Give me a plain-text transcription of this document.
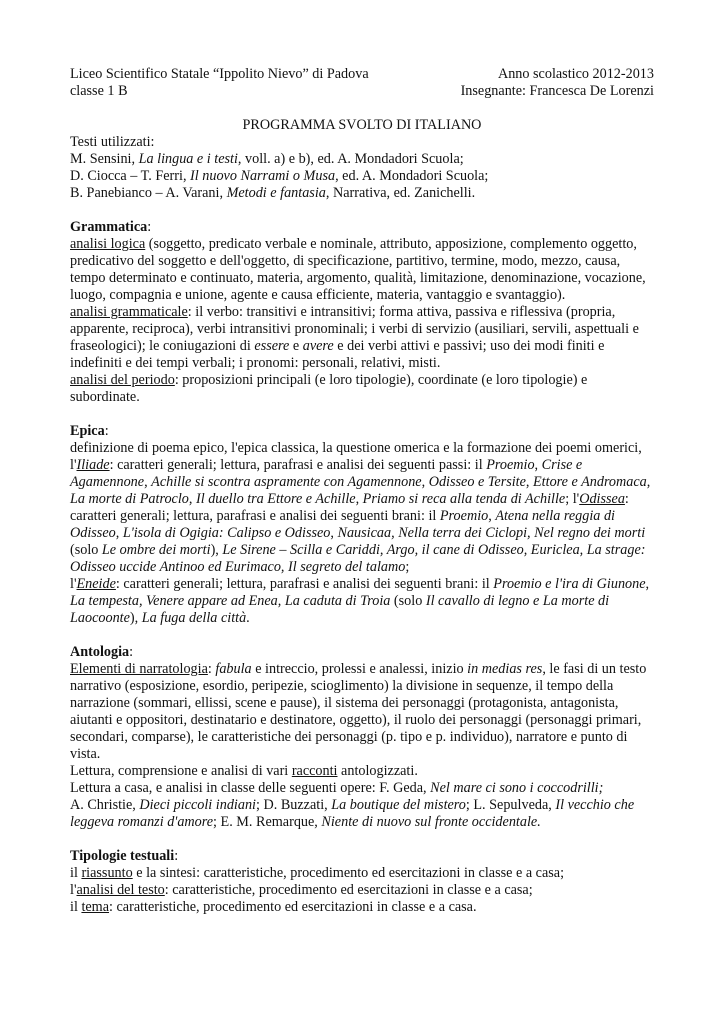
Liceo Scientifico Statale “Ippolito Nievo” di Padova	Anno scolastico 2012-2013
classe 1 B	Insegnante: Francesca De Lorenzi
PROGRAMMA SVOLTO DI ITALIANO

Testi utilizzati:

M. Sensini, La lingua e i testi, voll. a) e b), ed. A. Mondadori Scuola;

D. Ciocca – T. Ferri, Il nuovo Narrami o Musa, ed. A. Mondadori Scuola;

B. Panebianco – A. Varani, Metodi e fantasia, Narrativa, ed. Zanichelli.

Grammatica:

analisi logica (soggetto, predicato verbale e nominale, attributo, apposizione, complemento oggetto, predicativo del soggetto e dell'oggetto, di specificazione, partitivo, termine, modo, mezzo, causa, tempo determinato e continuato, materia, argomento, qualità, limitazione, denominazione, vocazione, luogo, compagnia e unione, agente e causa efficiente, materia, vantaggio e svantaggio).

analisi grammaticale: il verbo: transitivi e intransitivi; forma attiva, passiva e riflessiva (propria, apparente, reciproca), verbi intransitivi pronominali; i verbi di servizio (ausiliari, servili, aspettuali e fraseologici); le coniugazioni di essere e avere e dei verbi attivi e passivi; uso dei modi finiti e indefiniti e dei tempi verbali; i pronomi: personali, relativi, misti.

analisi del periodo: proposizioni principali (e loro tipologie), coordinate (e loro tipologie) e subordinate.

Epica:

definizione di poema epico, l'epica classica, la questione omerica e la formazione dei poemi omerici, l'Iliade: caratteri generali; lettura, parafrasi e analisi dei seguenti passi: il Proemio, Crise e Agamennone, Achille si scontra aspramente con Agamennone, Odisseo e Tersite, Ettore e Andromaca, La morte di Patroclo, Il duello tra Ettore e Achille, Priamo si reca alla tenda di Achille; l'Odissea: caratteri generali; lettura, parafrasi e analisi dei seguenti brani: il Proemio, Atena nella reggia di Odisseo, L'isola di Ogigia: Calipso e Odisseo, Nausicaa, Nella terra dei Ciclopi, Nel regno dei morti (solo Le ombre dei morti), Le Sirene – Scilla e Cariddi, Argo, il cane di Odisseo, Euriclea, La strage: Odisseo uccide Antinoo ed Eurimaco, Il segreto del talamo;
l'Eneide: caratteri generali; lettura, parafrasi e analisi dei seguenti brani: il Proemio e l'ira di Giunone, La tempesta, Venere appare ad Enea, La caduta di Troia (solo Il cavallo di legno e La morte di Laocoonte), La fuga della città.

Antologia:

Elementi di narratologia: fabula e intreccio, prolessi e analessi, inizio in medias res, le fasi di un testo narrativo (esposizione, esordio, peripezie, scioglimento) la divisione in sequenze, il tempo della narrazione (sommari, ellissi, scene e pause), il sistema dei personaggi (protagonista, antagonista, aiutanti e oppositori, destinatario e destinatore, oggetto), il ruolo dei personaggi (personaggi primari, secondari, comparse), le caratteristiche dei personaggi (p. tipo e p. individuo), narratore e punto di vista.

Lettura, comprensione e analisi di vari racconti antologizzati.

Lettura a casa, e analisi in classe delle seguenti opere: F. Geda, Nel mare ci sono i coccodrilli;
A. Christie, Dieci piccoli indiani; D. Buzzati, La boutique del mistero; L. Sepulveda, Il vecchio che leggeva romanzi d'amore; E. M. Remarque, Niente di nuovo sul fronte occidentale.

Tipologie testuali:

il riassunto e la sintesi: caratteristiche, procedimento ed esercitazioni in classe e a casa;

l'analisi del testo: caratteristiche, procedimento ed esercitazioni in classe e a casa;

il tema: caratteristiche, procedimento ed esercitazioni in classe e a casa.
